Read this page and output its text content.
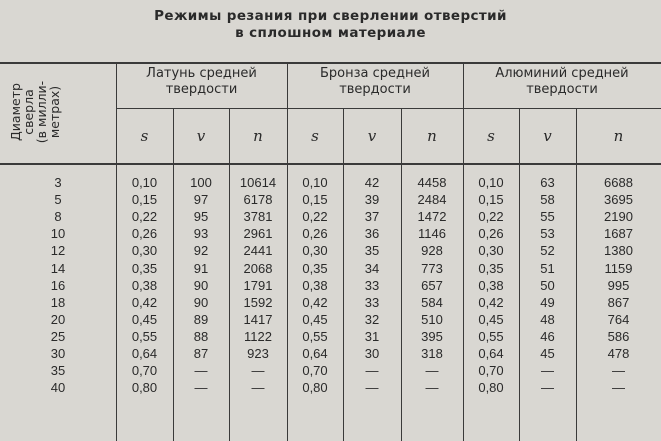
Режимы резания при сверлении отверстий
в сплошном материале
Диаметр
сверла
(в милли-
метрах)
Латунь средней
твердости
Бронза средней
твердости
Алюминий средней
твердости
s	v	n	s	v	n	s	v	n
3	0,10	100	10614	0,10	42	4458	0,10	63	6688
5	0,15	97	6178	0,15	39	2484	0,15	58	3695
8	0,22	95	3781	0,22	37	1472	0,22	55	2190
10	0,26	93	2961	0,26	36	1146	0,26	53	1687
12	0,30	92	2441	0,30	35	928	0,30	52	1380
14	0,35	91	2068	0,35	34	773	0,35	51	1159
16	0,38	90	1791	0,38	33	657	0,38	50	995
18	0,42	90	1592	0,42	33	584	0,42	49	867
20	0,45	89	1417	0,45	32	510	0,45	48	764
25	0,55	88	1122	0,55	31	395	0,55	46	586
30	0,64	87	923	0,64	30	318	0,64	45	478
35	0,70	—	—	0,70	—	—	0,70	—	—
40	0,80	—	—	0,80	—	—	0,80	—	—
